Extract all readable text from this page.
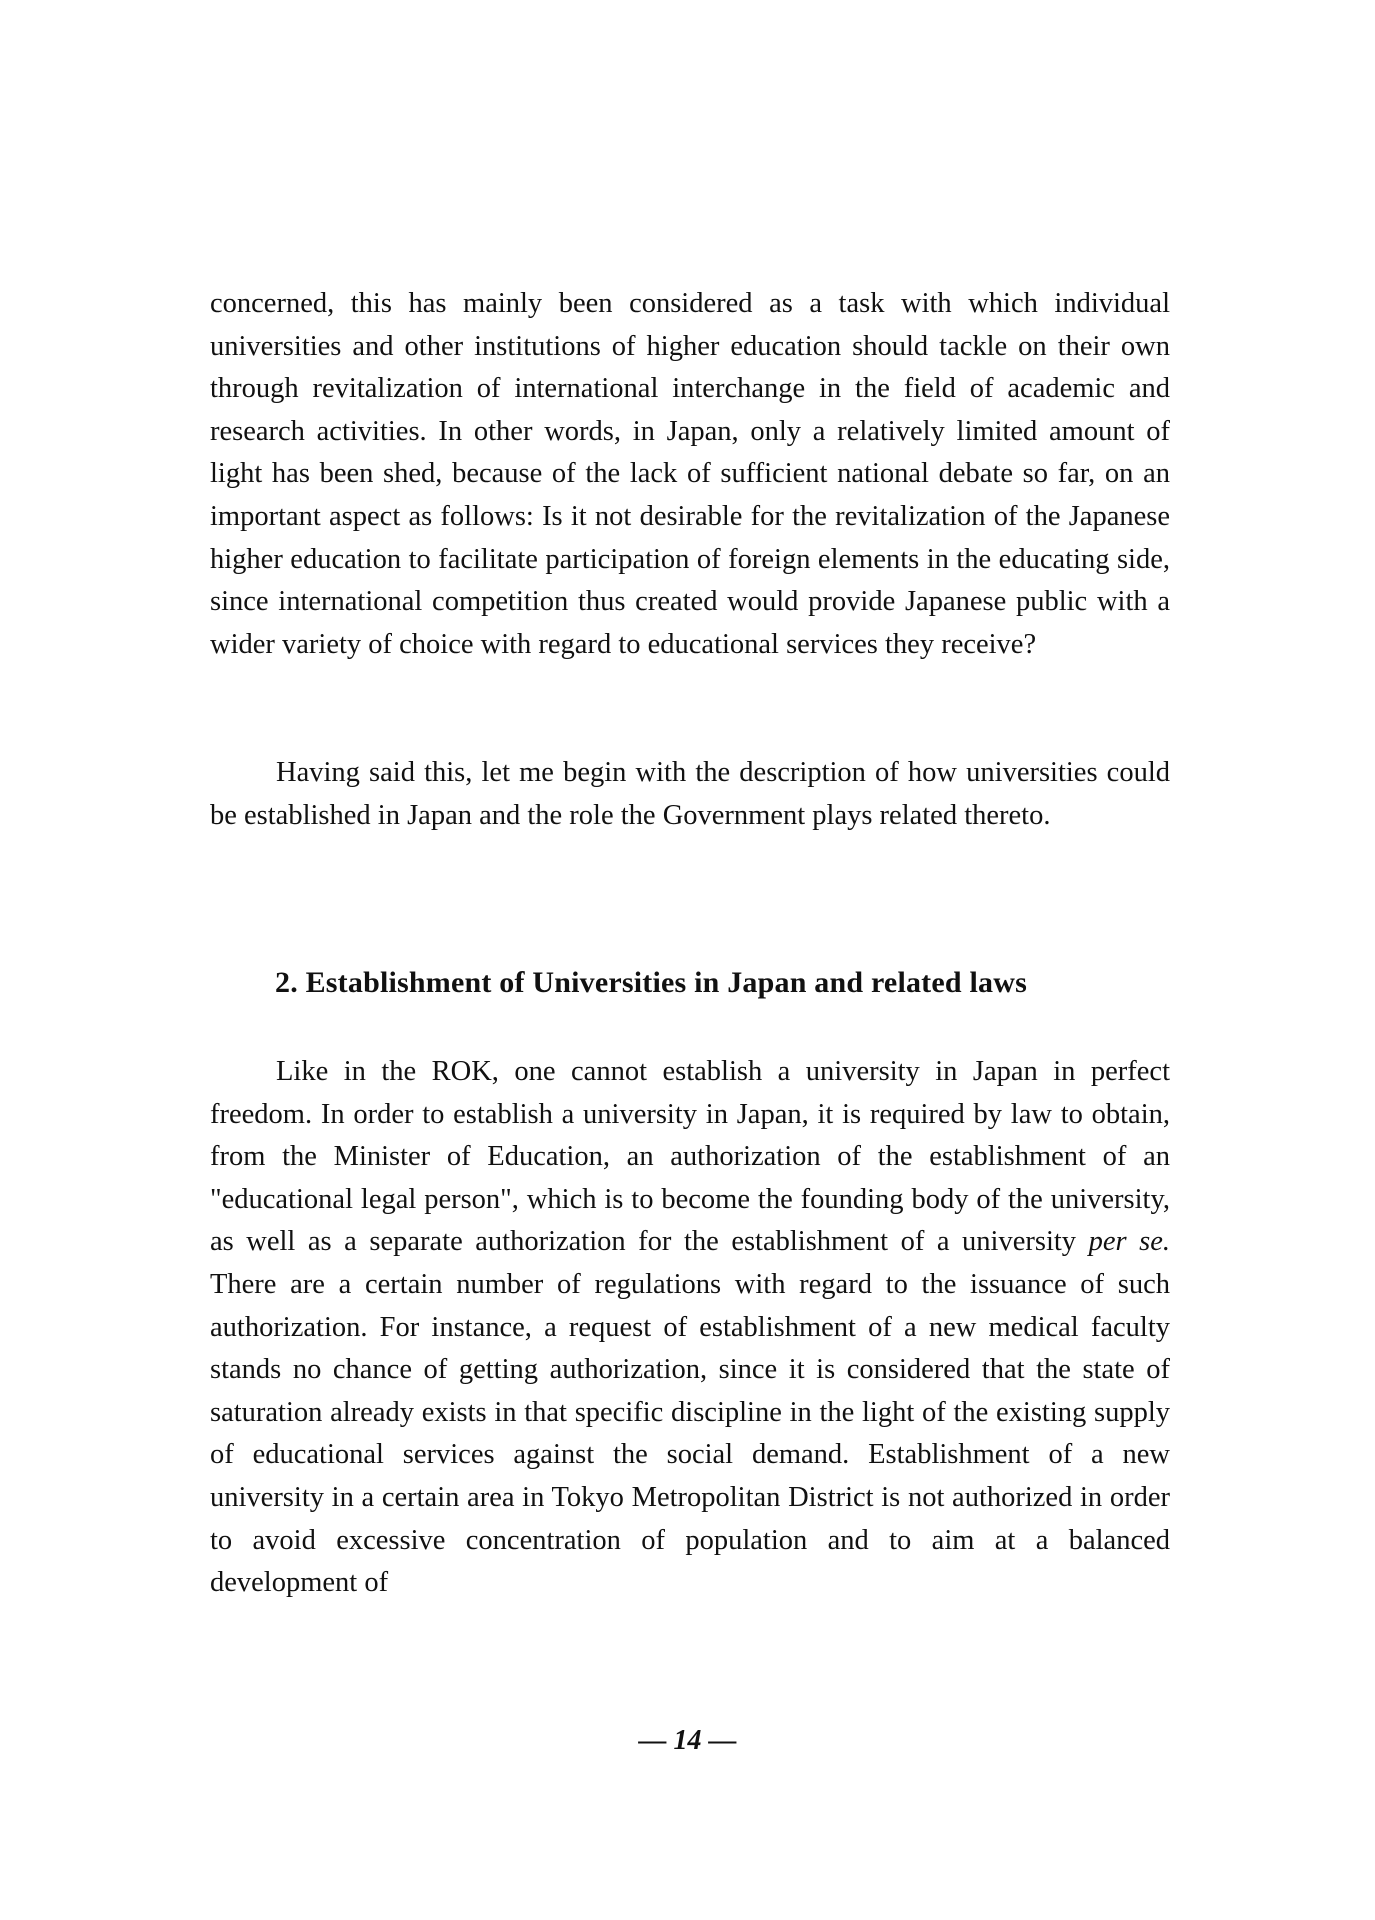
concerned, this has mainly been considered as a task with which individual universities and other institutions of higher education should tackle on their own through revitalization of international interchange in the field of academic and research activities. In other words, in Japan, only a relatively limited amount of light has been shed, because of the lack of sufficient national debate so far, on an important aspect as follows: Is it not desirable for the revitalization of the Japanese higher education to facilitate participation of foreign elements in the educating side, since international competition thus created would provide Japanese public with a wider variety of choice with regard to educational services they receive?

Having said this, let me begin with the description of how universities could be established in Japan and the role the Government plays related thereto.

2. Establishment of Universities in Japan and related laws

Like in the ROK, one cannot establish a university in Japan in perfect freedom. In order to establish a university in Japan, it is required by law to obtain, from the Minister of Education, an authorization of the establishment of an "educational legal person", which is to become the founding body of the university, as well as a separate authorization for the establishment of a university per se. There are a certain number of regulations with regard to the issuance of such authorization. For instance, a request of establishment of a new medical faculty stands no chance of getting authorization, since it is considered that the state of saturation already exists in that specific discipline in the light of the existing supply of educational services against the social demand. Establishment of a new university in a certain area in Tokyo Metropolitan District is not authorized in order to avoid excessive concentration of population and to aim at a balanced development of

— 14 —
